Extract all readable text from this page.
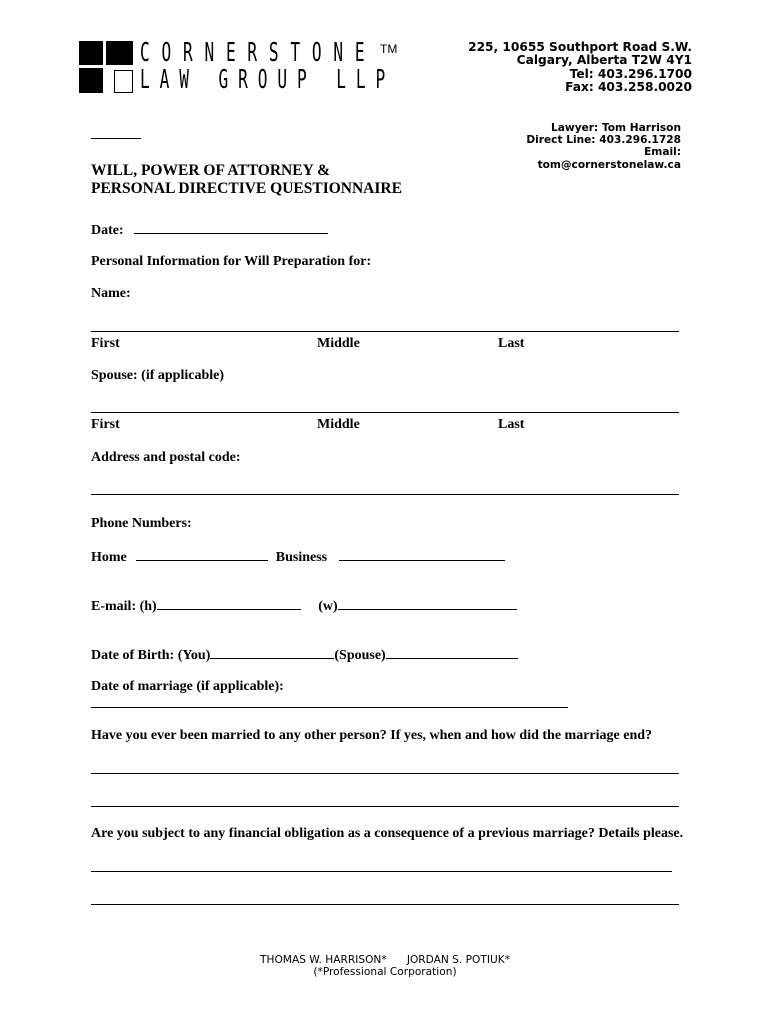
CORNERSTONE
LAW GROUP LLP
TM	225, 10655 Southport Road S.W.
Calgary, Alberta T2W 4Y1
Tel: 403.296.1700
Fax: 403.258.0020
Lawyer: Tom Harrison
Direct Line: 403.296.1728
Email:
tom@cornerstonelaw.ca
WILL, POWER OF ATTORNEY &
PERSONAL DIRECTIVE QUESTIONNAIRE
Date:
Personal Information for Will Preparation for:
Name:
First	Middle	Last
Spouse: (if applicable)
First	Middle	Last
Address and postal code:
Phone Numbers:
Home	Business
E-mail: (h)	(w)
Date of Birth: (You)	(Spouse)
Date of marriage (if applicable):
Have you ever been married to any other person? If yes, when and how did the marriage end?
Are you subject to any financial obligation as a consequence of a previous marriage? Details please.
THOMAS W. HARRISON*      JORDAN S. POTIUK*
(*Professional Corporation)
